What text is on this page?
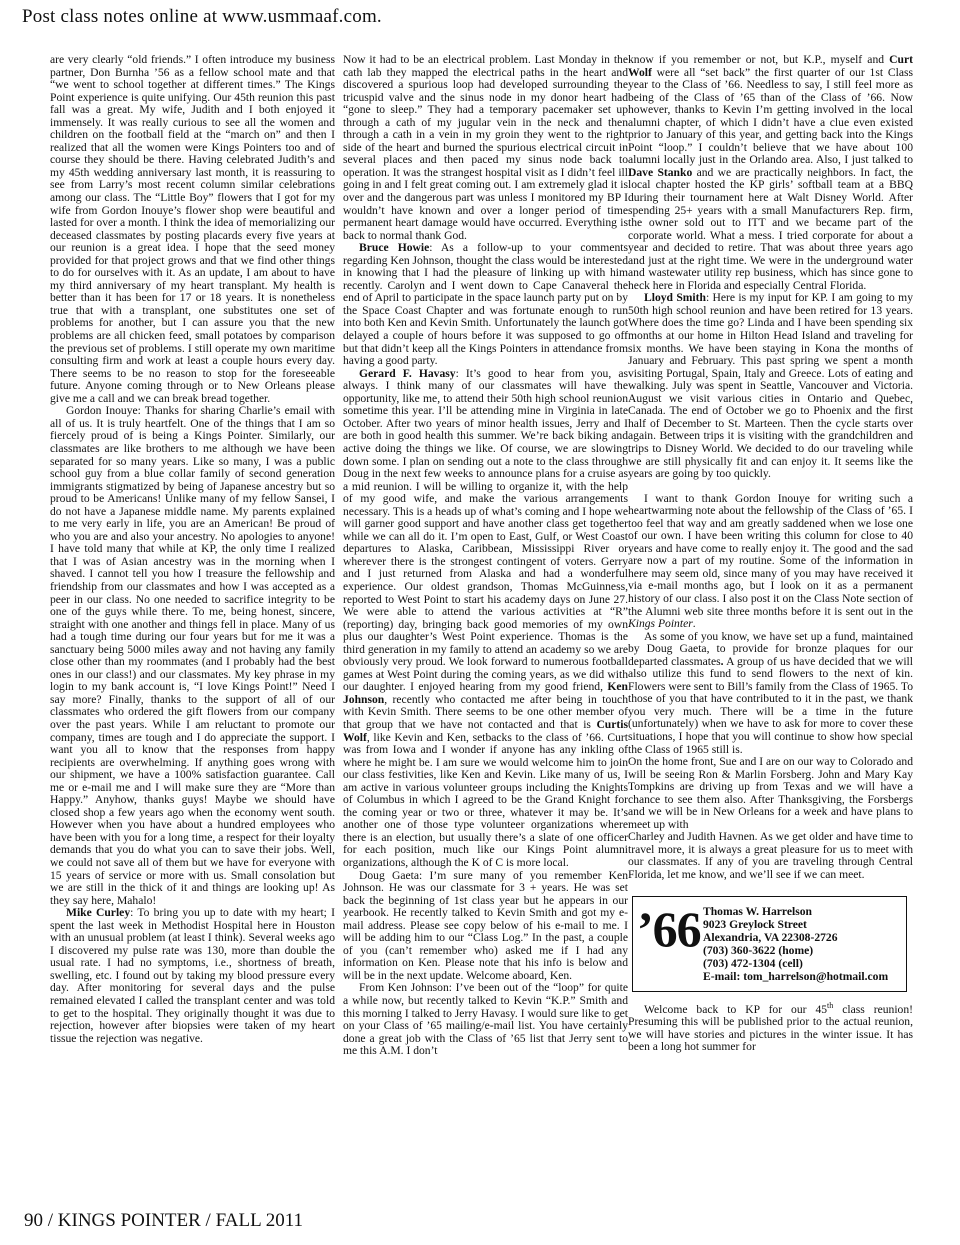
Post class notes online at www.usmmaaf.com.

are very clearly “old friends.” I often introduce my business partner, Don Burnha ’56 as a fellow school mate and that “we went to school together at different times.” The Kings Point experience is quite unifying. Our 45th reunion this past fall was a great. My wife, Judith and I both enjoyed it immensely. It was really curious to see all the women and children on the football field at the “march on” and then I realized that all the women were Kings Pointers too and of course they should be there. Having celebrated Judith’s and my 45th wedding anniversary last month, it is reassuring to see from Larry’s most recent column similar celebrations among our class. The “Little Boy” flowers that I got for my wife from Gordon Inouye’s flower shop were beautiful and lasted for over a month. I think the idea of memorializing our deceased classmates by posting placards every five years at our reunion is a great idea. I hope that the seed money provided for that project grows and that we find other things to do for ourselves with it. As an update, I am about to have my third anniversary of my heart transplant. My health is better than it has been for 17 or 18 years. It is nonetheless true that with a transplant, one substitutes one set of problems for another, but I can assure you that the new problems are all chicken feed, small potatoes by comparison the previous set of problems. I still operate my own maritime consulting firm and work at least a couple hours every day. There seems to be no reason to stop for the foreseeable future. Anyone coming through or to New Orleans please give me a call and we can break bread together.

Gordon Inouye: Thanks for sharing Charlie’s email with all of us. It is truly heartfelt. One of the things that I am so fiercely proud of is being a Kings Pointer. Similarly, our classmates are like brothers to me although we have been separated for so many years. Like so many, I was a public school guy from a blue collar family of second generation immigrants stigmatized by being of Japanese ancestry but so proud to be Americans! Unlike many of my fellow Sansei, I do not have a Japanese middle name. My parents explained to me very early in life, you are an American! Be proud of who you are and also your ancestry. No apologies to anyone! I have told many that while at KP, the only time I realized that I was of Asian ancestry was in the morning when I shaved. I cannot tell you how I treasure the fellowship and friendship from our classmates and how I was accepted as a peer in our class. No one needed to sacrifice integrity to be one of the guys while there. To me, being honest, sincere, straight with one another and things fell in place. Many of us had a tough time during our four years but for me it was a sanctuary being 5000 miles away and not having any family close other than my roommates (and I probably had the best ones in our class!) and our classmates. My key phrase in my login to my bank account is, “I love Kings Point!” Need I say more? Finally, thanks to the support of all of our classmates who ordered the gift flowers from our company over the past years. While I am reluctant to promote our company, times are tough and I do appreciate the support. I want you all to know that the responses from happy recipients are overwhelming. If anything goes wrong with our shipment, we have a 100% satisfaction guarantee. Call me or e-mail me and I will make sure they are “More than Happy.” Anyhow, thanks guys! Maybe we should have closed shop a few years ago when the economy went south. However when you have about a hundred employees who have been with you for a long time, a respect for their loyalty demands that you do what you can to save their jobs. Well, we could not save all of them but we have for everyone with 15 years of service or more with us. Small consolation but we are still in the thick of it and things are looking up! As they say here, Mahalo!

Mike Curley: To bring you up to date with my heart; I spent the last week in Methodist Hospital here in Houston with an unusual problem (at least I think). Several weeks ago I discovered my pulse rate was 130, more than double the usual rate. I had no symptoms, i.e., shortness of breath, swelling, etc. I found out by taking my blood pressure every day. After monitoring for several days and the pulse remained elevated I called the transplant center and was told to get to the hospital. They originally thought it was due to rejection, however after biopsies were taken of my heart tissue the rejection was negative.

Now it had to be an electrical problem. Last Monday in the cath lab they mapped the electrical paths in the heart and discovered a spurious loop had developed surrounding the tricuspid valve and the sinus node in my donor heart had “gone to sleep.” They had a temporary pacemaker set up through a cath of my jugular vein in the neck and then through a cath in a vein in my groin they went to the right side of the heart and burned the spurious electrical circuit in several places and then paced my sinus node back to operation. It was the strangest hospital visit as I didn’t feel ill going in and I felt great coming out. I am extremely glad it is over and the dangerous part was unless I monitored my BP I wouldn’t have known and over a longer period of time permanent heart damage would have occurred. Everything is back to normal thank God.

Bruce Howie: As a follow-up to your comments regarding Ken Johnson, thought the class would be interested in knowing that I had the pleasure of linking up with him recently. Carolyn and I went down to Cape Canaveral the end of April to participate in the space launch party put on by the Space Coast Chapter and was fortunate enough to run into both Ken and Kevin Smith. Unfortunately the launch got delayed a couple of hours before it was supposed to go off but that didn’t keep all the Kings Pointers in attendance from having a good party.

Gerard F. Havasy: It’s good to hear from you, as always. I think many of our classmates will have the opportunity, like me, to attend their 50th high school reunion sometime this year. I’ll be attending mine in Virginia in late October. After two years of minor health issues, Jerry and I are both in good health this summer. We’re back biking and active doing the things we like. Of course, we are slowing down some. I plan on sending out a note to the class through Doug in the next few weeks to announce plans for a cruise as a mid reunion. I will be willing to organize it, with the help of my good wife, and make the various arrangements necessary. This is a heads up of what’s coming and I hope we will garner good support and have another class get together while we can all do it. I’m open to East, Gulf, or West Coast departures to Alaska, Caribbean, Mississippi River or wherever there is the strongest contingent of voters. Gerry and I just returned from Alaska and had a wonderful experience. Our oldest grandson, Thomas McGuinness, reported to West Point to start his academy days on June 27. We were able to attend the various activities at “R” (reporting) day, bringing back good memories of my own plus our daughter’s West Point experience. Thomas is the third generation in my family to attend an academy so we are obviously very proud. We look forward to numerous football games at West Point during the coming years, as we did with our daughter. I enjoyed hearing from my good friend, Ken Johnson, recently who contacted me after being in touch with Kevin Smith. There seems to be one other member of that group that we have not contacted and that is Curtis Wolf, like Kevin and Ken, setbacks to the class of ’66. Curt was from Iowa and I wonder if anyone has any inkling of where he might be. I am sure we would welcome him to join our class festivities, like Ken and Kevin. Like many of us, I am active in various volunteer groups including the Knights of Columbus in which I agreed to be the Grand Knight for the coming year or two or three, whatever it may be. It’s another one of those type volunteer organizations where there is an election, but usually there’s a slate of one officer for each position, much like our Kings Point alumni organizations, although the K of C is more local.

Doug Gaeta: I’m sure many of you remember Ken Johnson. He was our classmate for 3 + years. He was set back the beginning of 1st class year but he appears in our yearbook. He recently talked to Kevin Smith and got my e-mail address. Please see copy below of his e-mail to me. I will be adding him to our “Class Log.” In the past, a couple of you (can’t remember who) asked me if I had any information on Ken. Please note that his info is below and will be in the next update. Welcome aboard, Ken.

From Ken Johnson: I’ve been out of the “loop” for quite a while now, but recently talked to Kevin “K.P.” Smith and this morning I talked to Jerry Havasy. I would sure like to get on your Class of ’65 mailing/e-mail list. You have certainly done a great job with the Class of ’65 list that Jerry sent to me this A.M. I don’t

know if you remember or not, but K.P., myself and Curt Wolf were all “set back” the first quarter of our 1st Class year to the Class of ’66. Needless to say, I still feel more as being of the Class of ’65 than of the Class of ’66. Now however, thanks to Kevin I’m getting involved in the local alumni chapter, of which I didn’t have a clue even existed prior to January of this year, and getting back into the Kings Point “loop.” I couldn’t believe that we have about 100 alumni locally just in the Orlando area. Also, I just talked to Dave Stanko and we are practically neighbors. In fact, the local chapter hosted the KP girls’ softball team at a BBQ during their tournament here at Walt Disney World. After spending 25+ years with a small Manufacturers Rep. firm, the owner sold out to ITT and we became part of the corporate world. What a mess. I tried corporate for about a year and decided to retire. That was about three years ago and just at the right time. We were in the underground water and wastewater utility rep business, which has since gone to heck here in Florida and especially Central Florida.

Lloyd Smith: Here is my input for KP. I am going to my 50th high school reunion and have been retired for 13 years. Where does the time go? Linda and I have been spending six months at our home in Hilton Head Island and traveling for six months. We have been staying in Kona the months of January and February. This past spring we spent a month visiting Portugal, Spain, Italy and Greece. Lots of eating and walking. July was spent in Seattle, Vancouver and Victoria. August we visit various cities in Ontario and Quebec, Canada. The end of October we go to Phoenix and the first half of December to St. Marteen. Then the cycle starts over again. Between trips it is visiting with the grandchildren and trips to Disney World. We decided to do our traveling while we are still physically fit and can enjoy it. It seems like the years are going by too quickly.

I want to thank Gordon Inouye for writing such a heartwarming note about the fellowship of the Class of ’65. I too feel that way and am greatly saddened when we lose one of our own. I have been writing this column for close to 40 years and have come to really enjoy it. The good and the sad are now a part of my routine. Some of the information in here may seem old, since many of you may have received it via e-mail months ago, but I look on it as a permanent history of our class. I also post it on the Class Note section of the Alumni web site three months before it is sent out in the Kings Pointer.

As some of you know, we have set up a fund, maintained by Doug Gaeta, to provide for bronze plaques for our departed classmates. A group of us have decided that we will also utilize this fund to send flowers to the next of kin. Flowers were sent to Bill’s family from the Class of 1965. To those of you that have contributed to it in the past, we thank you very much. There will be a time in the future (unfortunately) when we have to ask for more to cover these situations, I hope that you will continue to show how special the Class of 1965 still is.

On the home front, Sue and I are on our way to Colorado and will be seeing Ron & Marlin Forsberg. John and Mary Kay Tompkins are driving up from Texas and we will have a chance to see them also. After Thanksgiving, the Forsbergs and we will be in New Orleans for a week and have plans to meet up with

Charley and Judith Havnen. As we get older and have time to travel more, it is always a great pleasure for us to meet with our classmates. If any of you are traveling through Central Florida, let me know, and we’ll see if we can meet.

’66 Thomas W. Harrelson
9023 Greylock Street
Alexandria, VA 22308-2726
(703) 360-3622 (home)
(703) 472-1304 (cell)
E-mail: tom_harrelson@hotmail.com

Welcome back to KP for our 45th class reunion! Presuming this will be published prior to the actual reunion, we will have stories and pictures in the winter issue. It has been a long hot summer for

90 / KINGS POINTER / FALL 2011
